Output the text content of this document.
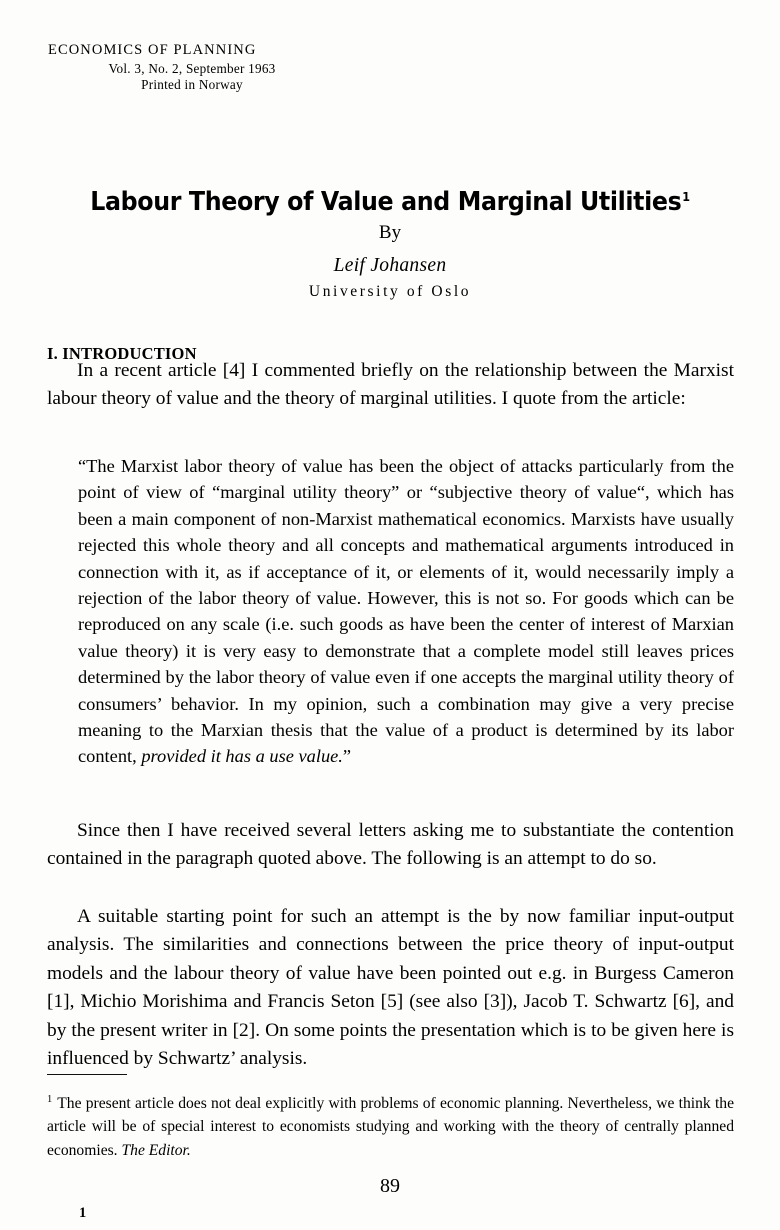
ECONOMICS OF PLANNING
Vol. 3, No. 2, September 1963
Printed in Norway
Labour Theory of Value and Marginal Utilities$^1$
By
Leif Johansen
University of Oslo
I. INTRODUCTION

In a recent article [4] I commented briefly on the relationship between the Marxist labour theory of value and the theory of marginal utilities. I quote from the article:

“The Marxist labor theory of value has been the object of attacks particularly from the point of view of “marginal utility theory” or “subjective theory of value“, which has been a main component of non-Marxist mathematical economics. Marxists have usually rejected this whole theory and all concepts and mathematical arguments introduced in connection with it, as if acceptance of it, or elements of it, would necessarily imply a rejection of the labor theory of value. However, this is not so. For goods which can be reproduced on any scale (i.e. such goods as have been the center of interest of Marxian value theory) it is very easy to demonstrate that a complete model still leaves prices determined by the labor theory of value even if one accepts the marginal utility theory of consumers’ behavior. In my opinion, such a combination may give a very precise meaning to the Marxian thesis that the value of a product is determined by its labor content, provided it has a use value.”

Since then I have received several letters asking me to substantiate the contention contained in the paragraph quoted above. The following is an attempt to do so.

A suitable starting point for such an attempt is the by now familiar input-output analysis. The similarities and connections between the price theory of input-output models and the labour theory of value have been pointed out e.g. in Burgess Cameron [1], Michio Morishima and Francis Seton [5] (see also [3]), Jacob T. Schwartz [6], and by the present writer in [2]. On some points the presentation which is to be given here is influenced by Schwartz’ analysis.

$^1$ The present article does not deal explicitly with problems of economic planning. Nevertheless, we think the article will be of special interest to economists studying and working with the theory of centrally planned economies. The Editor.

89
1
